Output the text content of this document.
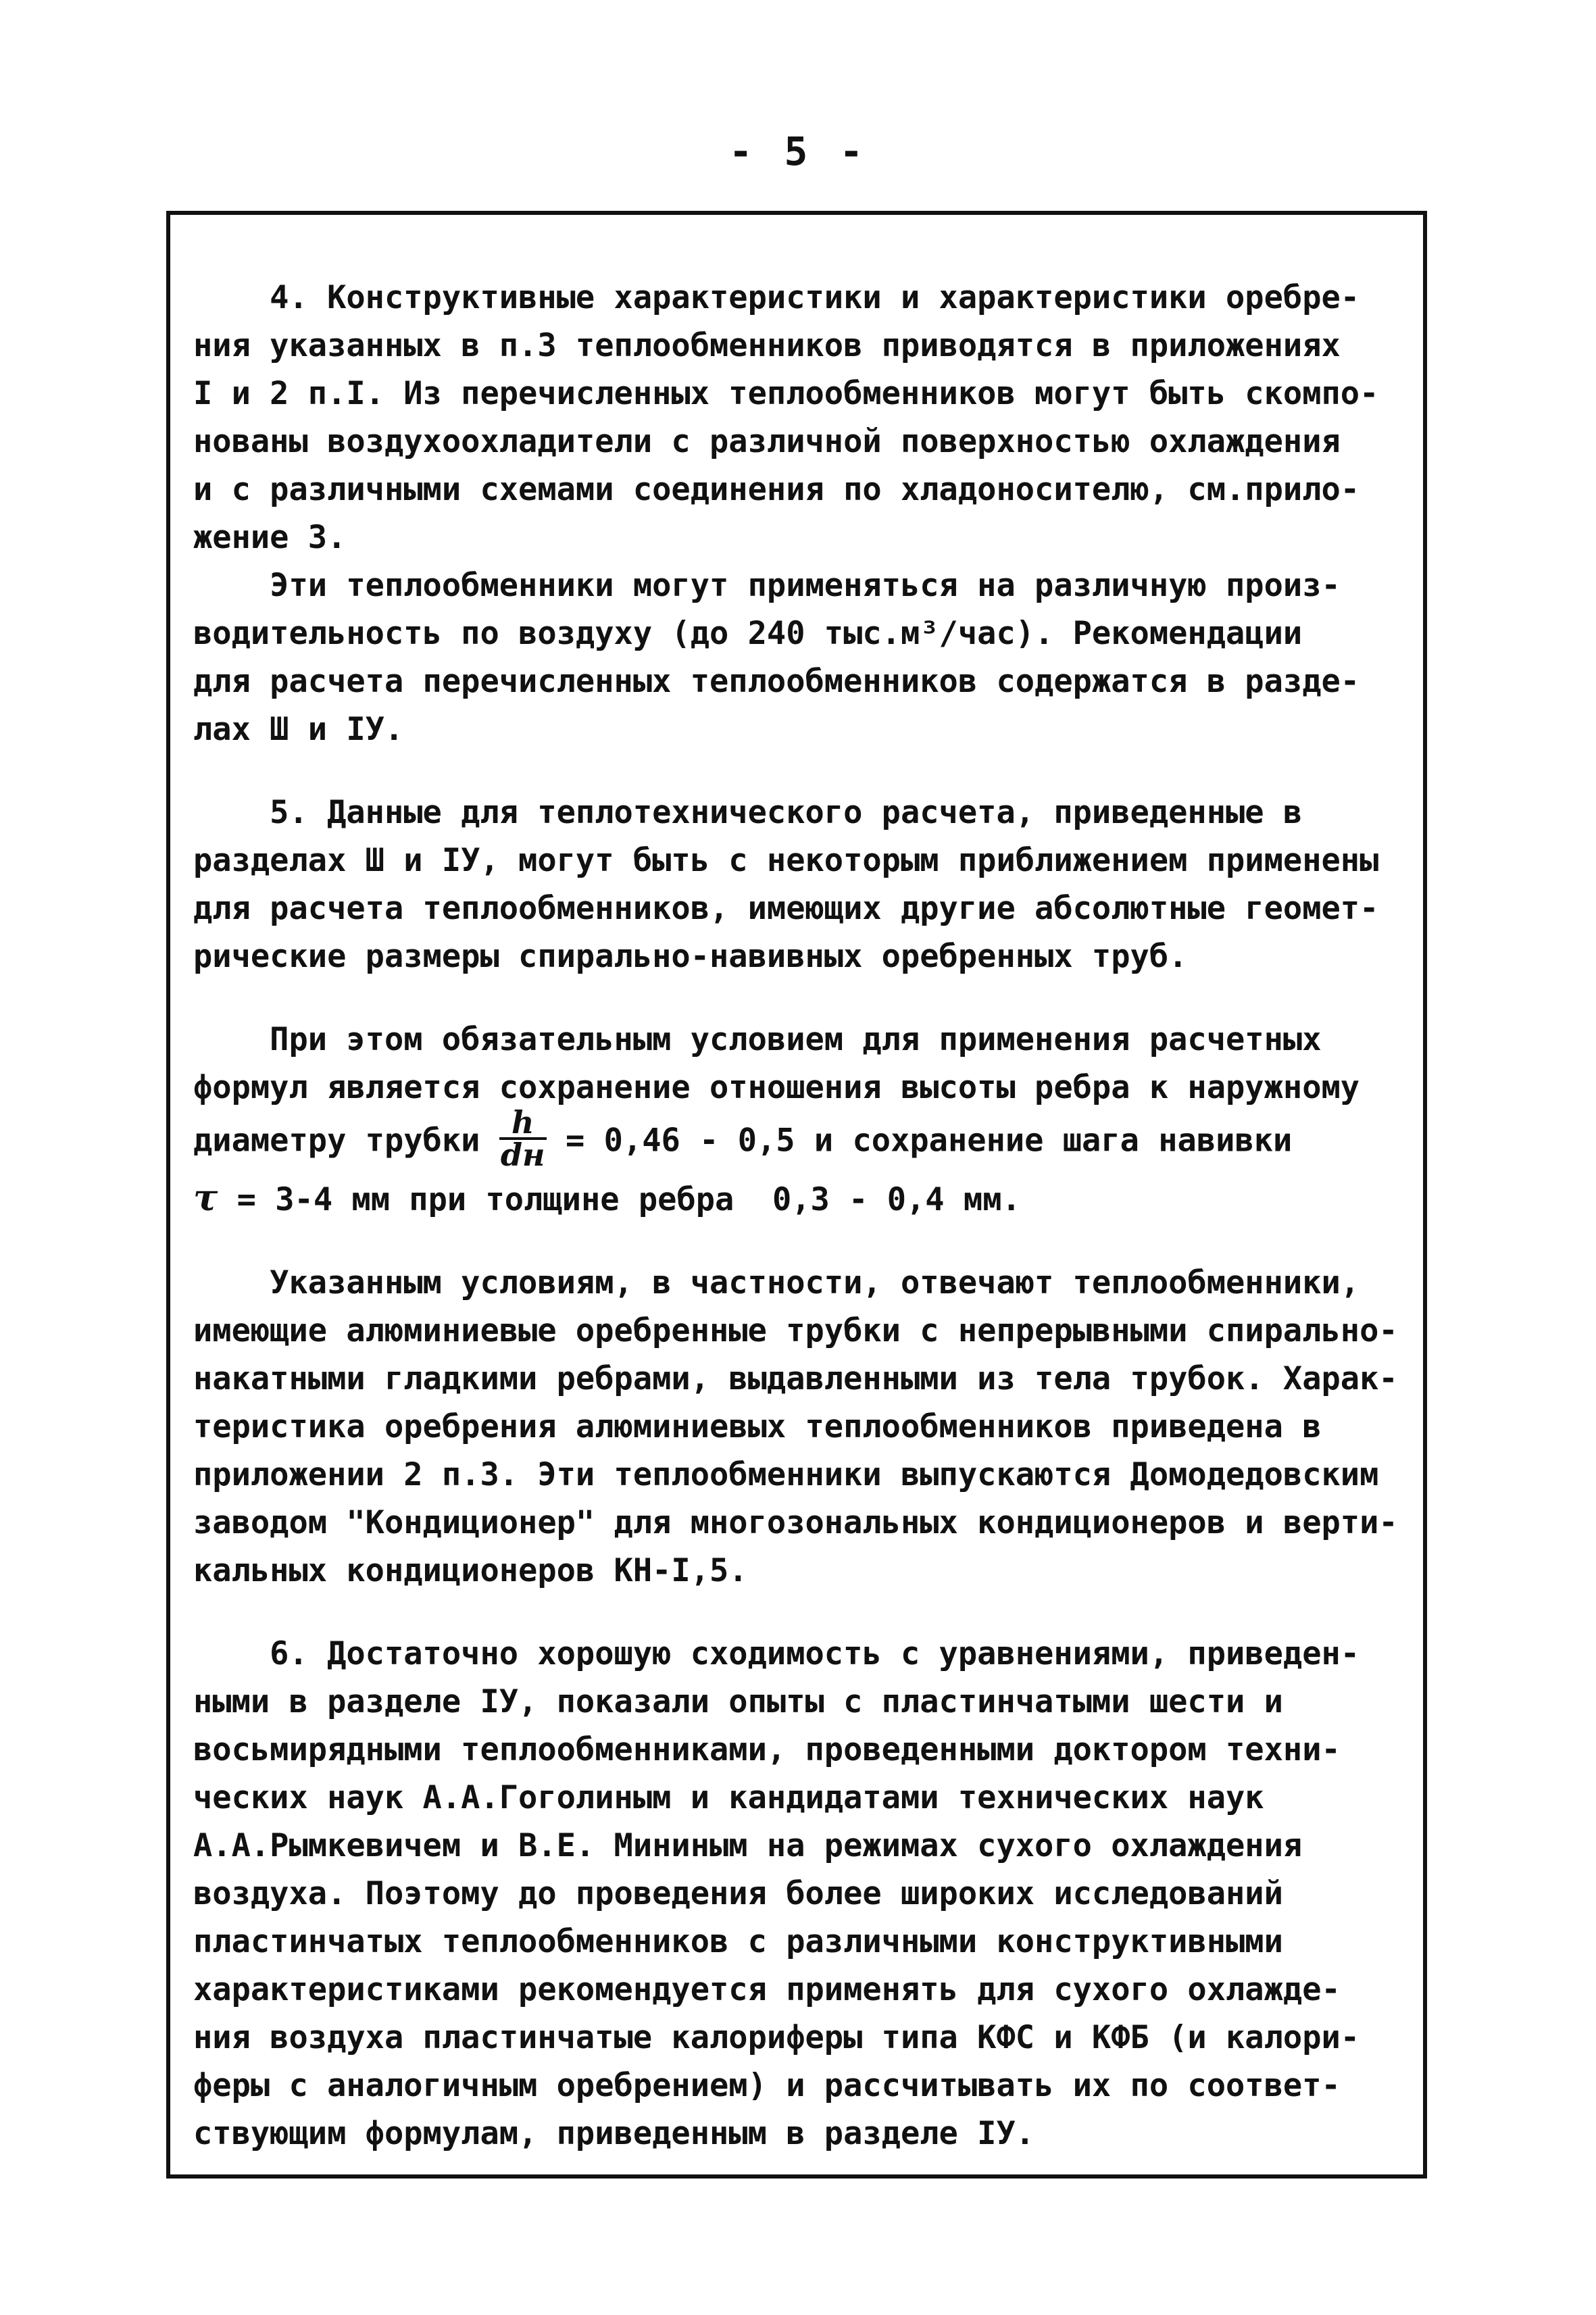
- 5 -

4. Конструктивные характеристики и характеристики оребре-

ния указанных в п.3 теплообменников приводятся в приложениях

I и 2 п.I. Из перечисленных теплообменников могут быть скомпо-

нованы воздухоохладители с различной поверхностью охлаждения

и с различными схемами соединения по хладоносителю, см.прило-

жение 3.

Эти теплообменники могут применяться на различную произ-

водительность по воздуху (до 240 тыс.м³/час). Рекомендации

для расчета перечисленных теплообменников содержатся в разде-

лах Ш и IУ.

5. Данные для теплотехнического расчета, приведенные в

разделах Ш и IУ, могут быть с некоторым приближением применены

для расчета теплообменников, имеющих другие абсолютные геомет-

рические размеры спирально-навивных оребренных труб.

При этом обязательным условием для применения расчетных

формул является сохранение отношения высоты ребра к наружному

диаметру трубки $\frac{h}{dн} = 0,46 - 0,5$ и сохранение шага навивки

τ = 3-4 мм при толщине ребра  0,3 - 0,4 мм.

Указанным условиям, в частности, отвечают теплообменники,

имеющие алюминиевые оребренные трубки с непрерывными спирально-

накатными гладкими ребрами, выдавленными из тела трубок. Харак-

теристика оребрения алюминиевых теплообменников приведена в

приложении 2 п.3. Эти теплообменники выпускаются Домодедовским

заводом "Кондиционер" для многозональных кондиционеров и верти-

кальных кондиционеров КН-I,5.

6. Достаточно хорошую сходимость с уравнениями, приведен-

ными в разделе IУ, показали опыты с пластинчатыми шести и

восьмирядными теплообменниками, проведенными доктором техни-

ческих наук А.А.Гоголиным и кандидатами технических наук

А.А.Рымкевичем и В.Е. Мининым на режимах сухого охлаждения

воздуха. Поэтому до проведения более широких исследований

пластинчатых теплообменников с различными конструктивными

характеристиками рекомендуется применять для сухого охлажде-

ния воздуха пластинчатые калориферы типа КФС и КФБ (и калори-

феры с аналогичным оребрением) и рассчитывать их по соответ-

ствующим формулам, приведенным в разделе IУ.
